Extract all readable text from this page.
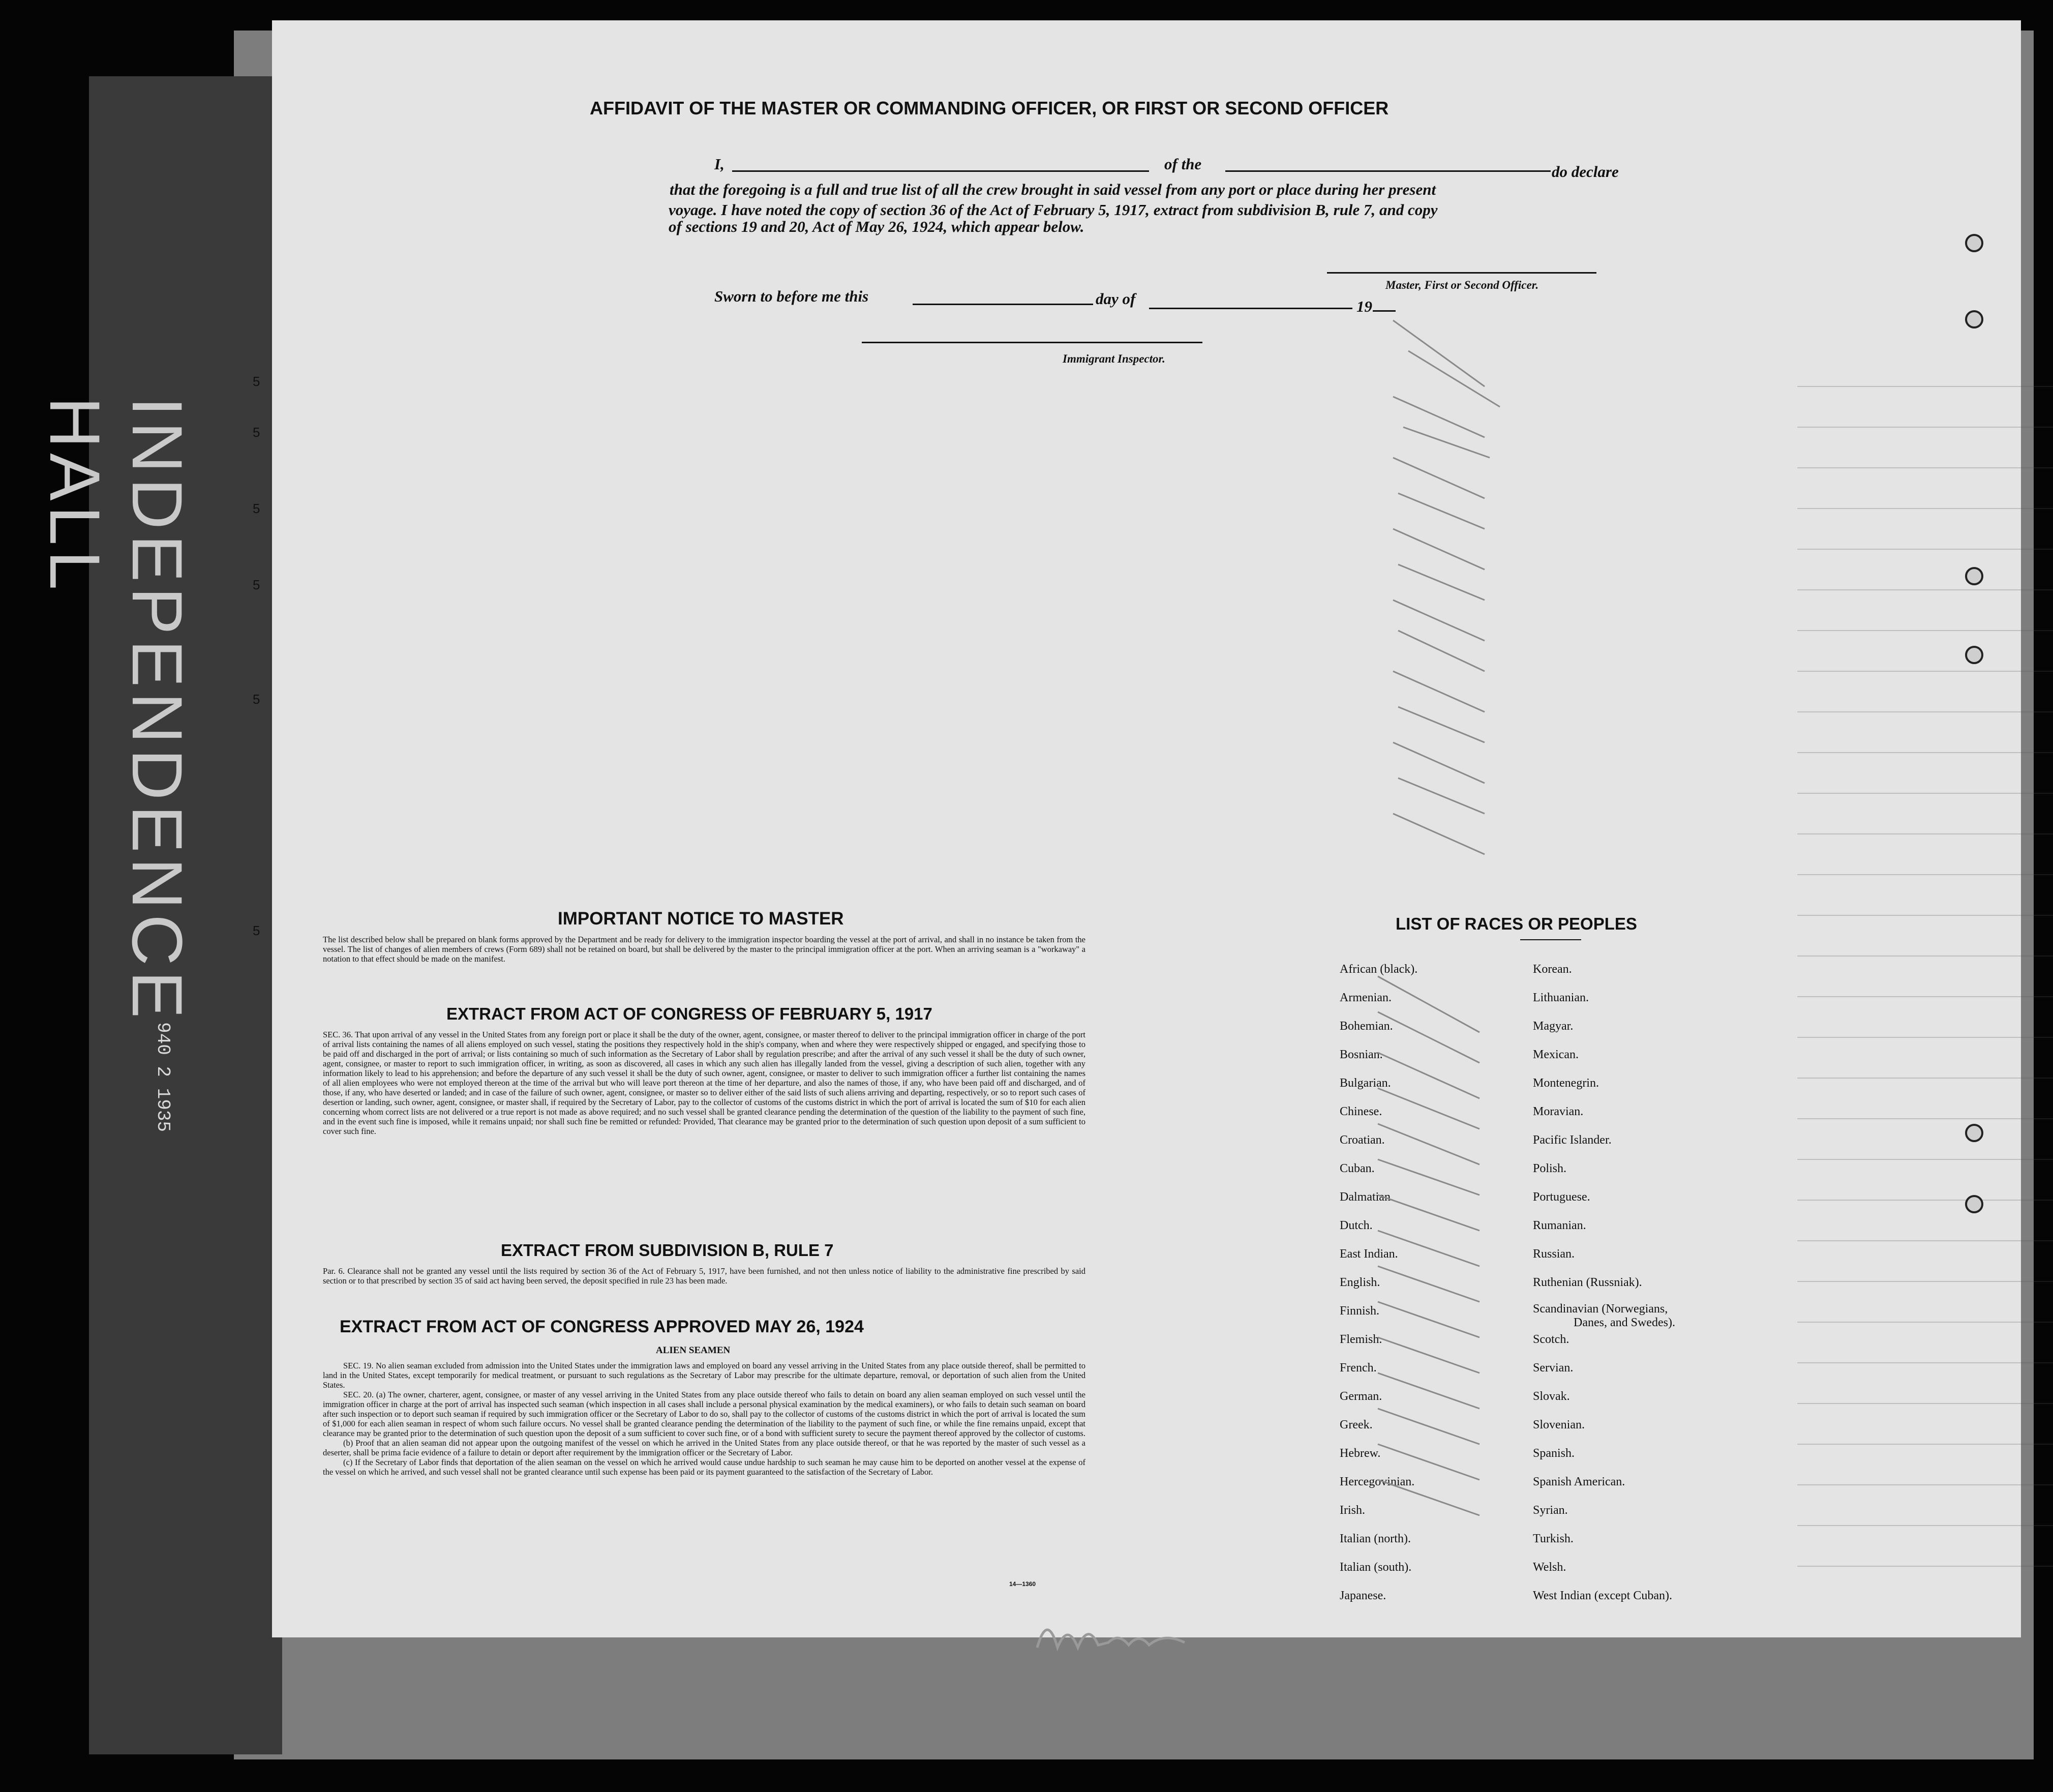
INDEPENDENCE HALL
940 2 1935
5
5
5
5
5
5
AFFIDAVIT OF THE MASTER OR COMMANDING OFFICER, OR FIRST OR SECOND OFFICER
I,	of the	do declare
that the foregoing is a full and true list of all the crew brought in said vessel from any port or place during her present
voyage. I have noted the copy of section 36 of the Act of February 5, 1917, extract from subdivision B, rule 7, and copy
of sections 19 and 20, Act of May 26, 1924, which appear below.
Master, First or Second Officer.
Sworn to before me this	day of	19
Immigrant Inspector.
IMPORTANT NOTICE TO MASTER
The list described below shall be prepared on blank forms approved by the Department and be ready for delivery to the immigration inspector boarding the vessel at the port of arrival, and shall in no instance be taken from the vessel. The list of changes of alien members of crews (Form 689) shall not be retained on board, but shall be delivered by the master to the principal immigration officer at the port. When an arriving seaman is a "workaway" a notation to that effect should be made on the manifest.
EXTRACT FROM ACT OF CONGRESS OF FEBRUARY 5, 1917
SEC. 36. That upon arrival of any vessel in the United States from any foreign port or place it shall be the duty of the owner, agent, consignee, or master thereof to deliver to the principal immigration officer in charge of the port of arrival lists containing the names of all aliens employed on such vessel, stating the positions they respectively hold in the ship's company, when and where they were respectively shipped or engaged, and specifying those to be paid off and discharged in the port of arrival; or lists containing so much of such information as the Secretary of Labor shall by regulation prescribe; and after the arrival of any such vessel it shall be the duty of such owner, agent, consignee, or master to report to such immigration officer, in writing, as soon as discovered, all cases in which any such alien has illegally landed from the vessel, giving a description of such alien, together with any information likely to lead to his apprehension; and before the departure of any such vessel it shall be the duty of such owner, agent, consignee, or master to deliver to such immigration officer a further list containing the names of all alien employees who were not employed thereon at the time of the arrival but who will leave port thereon at the time of her departure, and also the names of those, if any, who have been paid off and discharged, and of those, if any, who have deserted or landed; and in case of the failure of such owner, agent, consignee, or master so to deliver either of the said lists of such aliens arriving and departing, respectively, or so to report such cases of desertion or landing, such owner, agent, consignee, or master shall, if required by the Secretary of Labor, pay to the collector of customs of the customs district in which the port of arrival is located the sum of $10 for each alien concerning whom correct lists are not delivered or a true report is not made as above required; and no such vessel shall be granted clearance pending the determination of the question of the liability to the payment of such fine, and in the event such fine is imposed, while it remains unpaid; nor shall such fine be remitted or refunded: Provided, That clearance may be granted prior to the determination of such question upon deposit of a sum sufficient to cover such fine.
EXTRACT FROM SUBDIVISION B, RULE 7
Par. 6. Clearance shall not be granted any vessel until the lists required by section 36 of the Act of February 5, 1917, have been furnished, and not then unless notice of liability to the administrative fine prescribed by said section or to that prescribed by section 35 of said act having been served, the deposit specified in rule 23 has been made.
EXTRACT FROM ACT OF CONGRESS APPROVED MAY 26, 1924
ALIEN SEAMEN

SEC. 19. No alien seaman excluded from admission into the United States under the immigration laws and employed on board any vessel arriving in the United States from any place outside thereof, shall be permitted to land in the United States, except temporarily for medical treatment, or pursuant to such regulations as the Secretary of Labor may prescribe for the ultimate departure, removal, or deportation of such alien from the United States.

SEC. 20. (a) The owner, charterer, agent, consignee, or master of any vessel arriving in the United States from any place outside thereof who fails to detain on board any alien seaman employed on such vessel until the immigration officer in charge at the port of arrival has inspected such seaman (which inspection in all cases shall include a personal physical examination by the medical examiners), or who fails to detain such seaman on board after such inspection or to deport such seaman if required by such immigration officer or the Secretary of Labor to do so, shall pay to the collector of customs of the customs district in which the port of arrival is located the sum of $1,000 for each alien seaman in respect of whom such failure occurs. No vessel shall be granted clearance pending the determination of the liability to the payment of such fine, or while the fine remains unpaid, except that clearance may be granted prior to the determination of such question upon the deposit of a sum sufficient to cover such fine, or of a bond with sufficient surety to secure the payment thereof approved by the collector of customs.

(b) Proof that an alien seaman did not appear upon the outgoing manifest of the vessel on which he arrived in the United States from any place outside thereof, or that he was reported by the master of such vessel as a deserter, shall be prima facie evidence of a failure to detain or deport after requirement by the immigration officer or the Secretary of Labor.

(c) If the Secretary of Labor finds that deportation of the alien seaman on the vessel on which he arrived would cause undue hardship to such seaman he may cause him to be deported on another vessel at the expense of the vessel on which he arrived, and such vessel shall not be granted clearance until such expense has been paid or its payment guaranteed to the satisfaction of the Secretary of Labor.

14—1360
LIST OF RACES OR PEOPLES
African (black).
Armenian.
Bohemian.
Bosnian.
Bulgarian.
Chinese.
Croatian.
Cuban.
Dalmatian.
Dutch.
East Indian.
English.
Finnish.
Flemish.
French.
German.
Greek.
Hebrew.
Hercegovinian.
Irish.
Italian (north).
Italian (south).
Japanese.
Korean.
Lithuanian.
Magyar.
Mexican.
Montenegrin.
Moravian.
Pacific Islander.
Polish.
Portuguese.
Rumanian.
Russian.
Ruthenian (Russniak).
Scandinavian (Norwegians,
Danes, and Swedes).
Scotch.
Servian.
Slovak.
Slovenian.
Spanish.
Spanish American.
Syrian.
Turkish.
Welsh.
West Indian (except Cuban).
